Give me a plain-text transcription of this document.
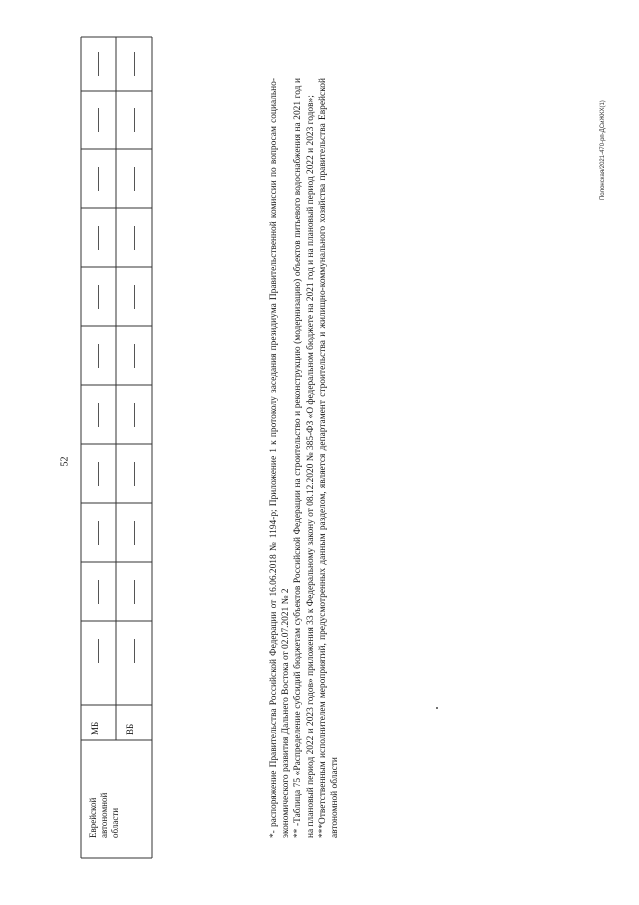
52
Еврейской
автономной
области
МБ	ВБ	*- распоряжение Правительства Российской Федерации от 16.06.2018 № 1194-р; Приложение 1 к протоколу заседания президиума Правительственной комиссии по вопросам социально-экономического развития Дальнего Востока от 02.07.2021 № 2 ** -Таблица 75 «Распределение субсидий бюджетам субъектов Российской Федерации на строительство и реконструкцию (модернизацию) объектов питьевого водоснабжения на 2021 год и на плановый период 2022 и 2023 годов» приложения 33 к Федеральному закону от 08.12.2020 № 385-ФЗ «О федеральном бюджете на 2021 год и на плановый период 2022 и 2023 годов»; ***Ответственным исполнителем мероприятий, предусмотренных данным разделом, является департамент строительства и жилищно-коммунального хозяйства правительства Еврейской автономной области

Полонская/2021-470-рп-ДСиЖКХ(1)
